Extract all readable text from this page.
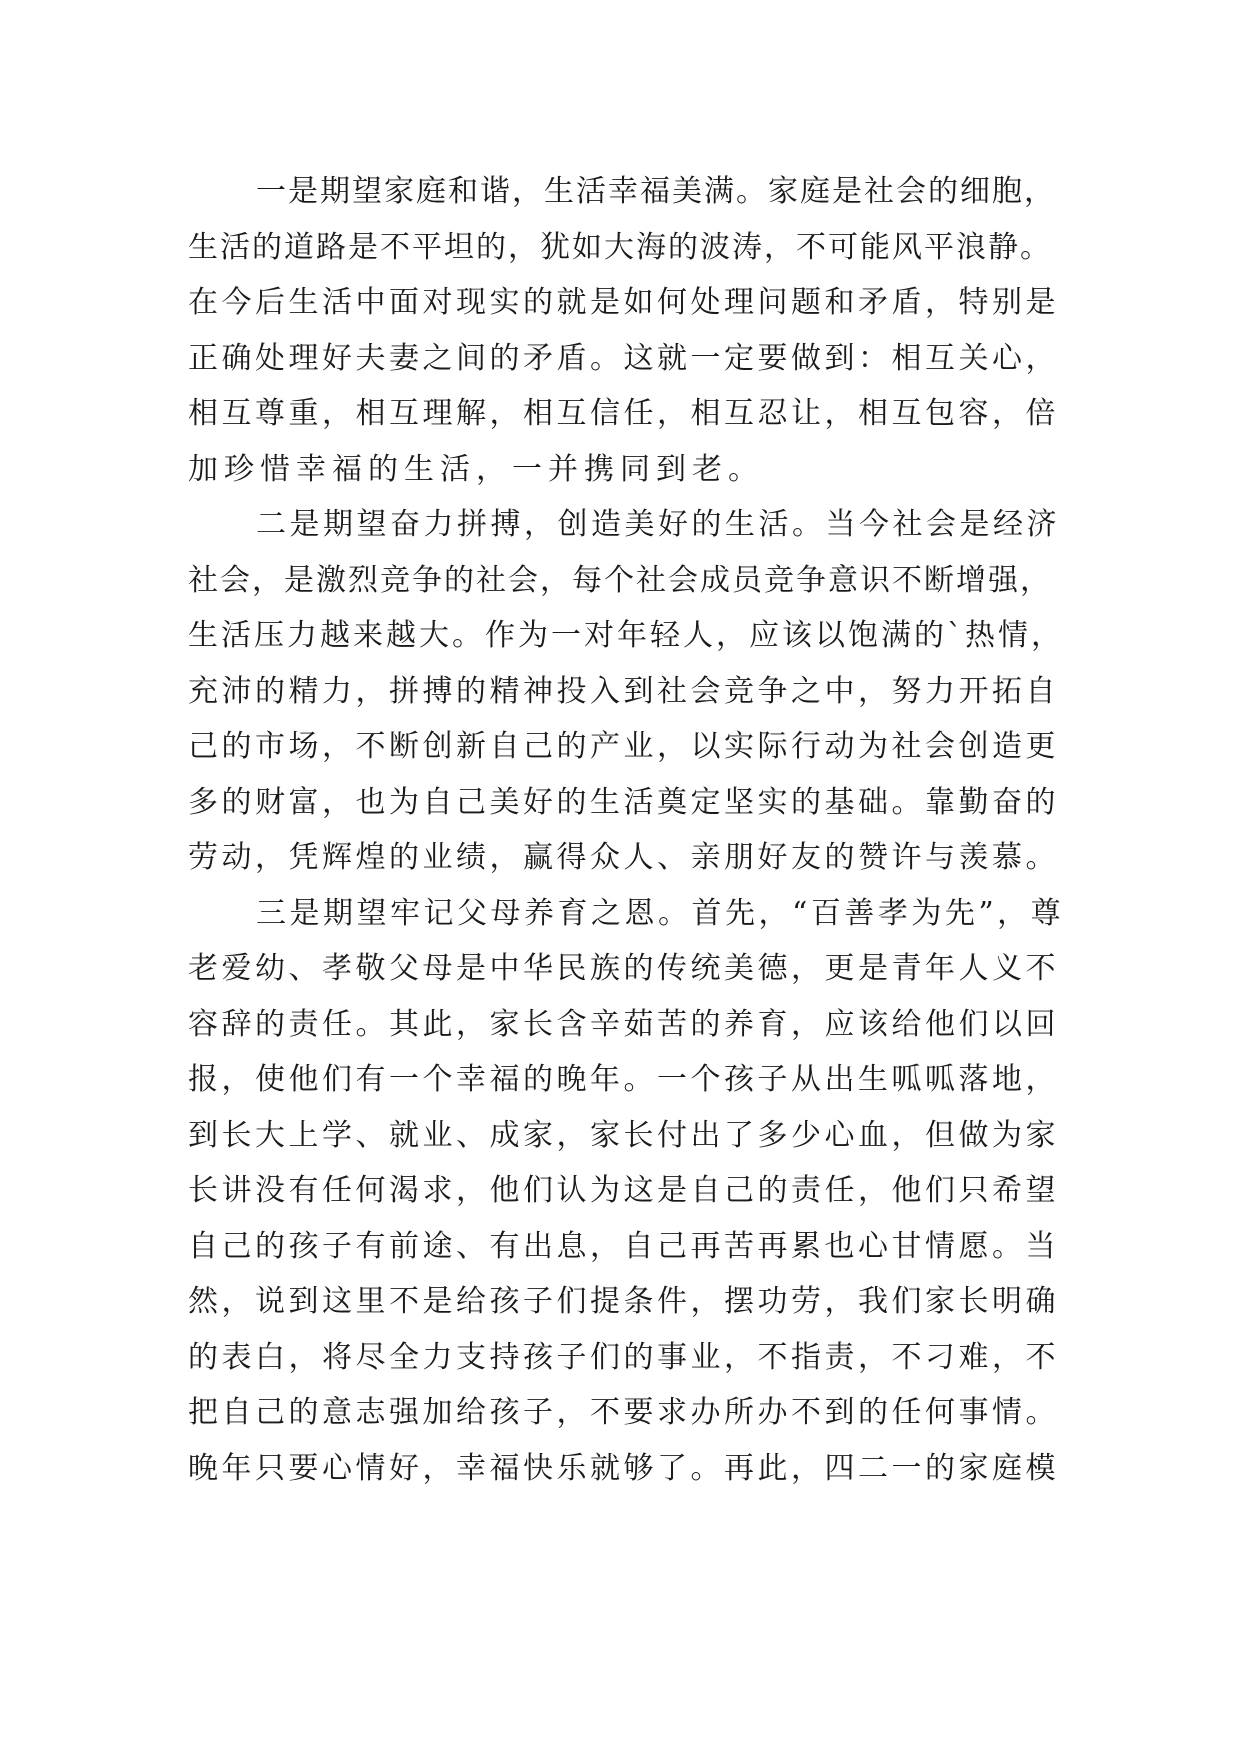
一是期望家庭和谐，生活幸福美满。家庭是社会的细胞，
生活的道路是不平坦的，犹如大海的波涛，不可能风平浪静。
在今后生活中面对现实的就是如何处理问题和矛盾，特别是
正确处理好夫妻之间的矛盾。这就一定要做到：相互关心，
相互尊重，相互理解，相互信任，相互忍让，相互包容，倍
加珍惜幸福的生活，一并携同到老。
二是期望奋力拼搏，创造美好的生活。当今社会是经济
社会，是激烈竞争的社会，每个社会成员竞争意识不断增强，
生活压力越来越大。作为一对年轻人，应该以饱满的`热情，
充沛的精力，拼搏的精神投入到社会竞争之中，努力开拓自
己的市场，不断创新自己的产业，以实际行动为社会创造更
多的财富，也为自己美好的生活奠定坚实的基础。靠勤奋的
劳动，凭辉煌的业绩，赢得众人、亲朋好友的赞许与羡慕。
三是期望牢记父母养育之恩。首先，“百善孝为先”，尊
老爱幼、孝敬父母是中华民族的传统美德，更是青年人义不
容辞的责任。其此，家长含辛茹苦的养育，应该给他们以回
报，使他们有一个幸福的晚年。一个孩子从出生呱呱落地，
到长大上学、就业、成家，家长付出了多少心血，但做为家
长讲没有任何渴求，他们认为这是自己的责任，他们只希望
自己的孩子有前途、有出息，自己再苦再累也心甘情愿。当
然，说到这里不是给孩子们提条件，摆功劳，我们家长明确
的表白，将尽全力支持孩子们的事业，不指责，不刁难，不
把自己的意志强加给孩子，不要求办所办不到的任何事情。
晚年只要心情好，幸福快乐就够了。再此，四二一的家庭模
